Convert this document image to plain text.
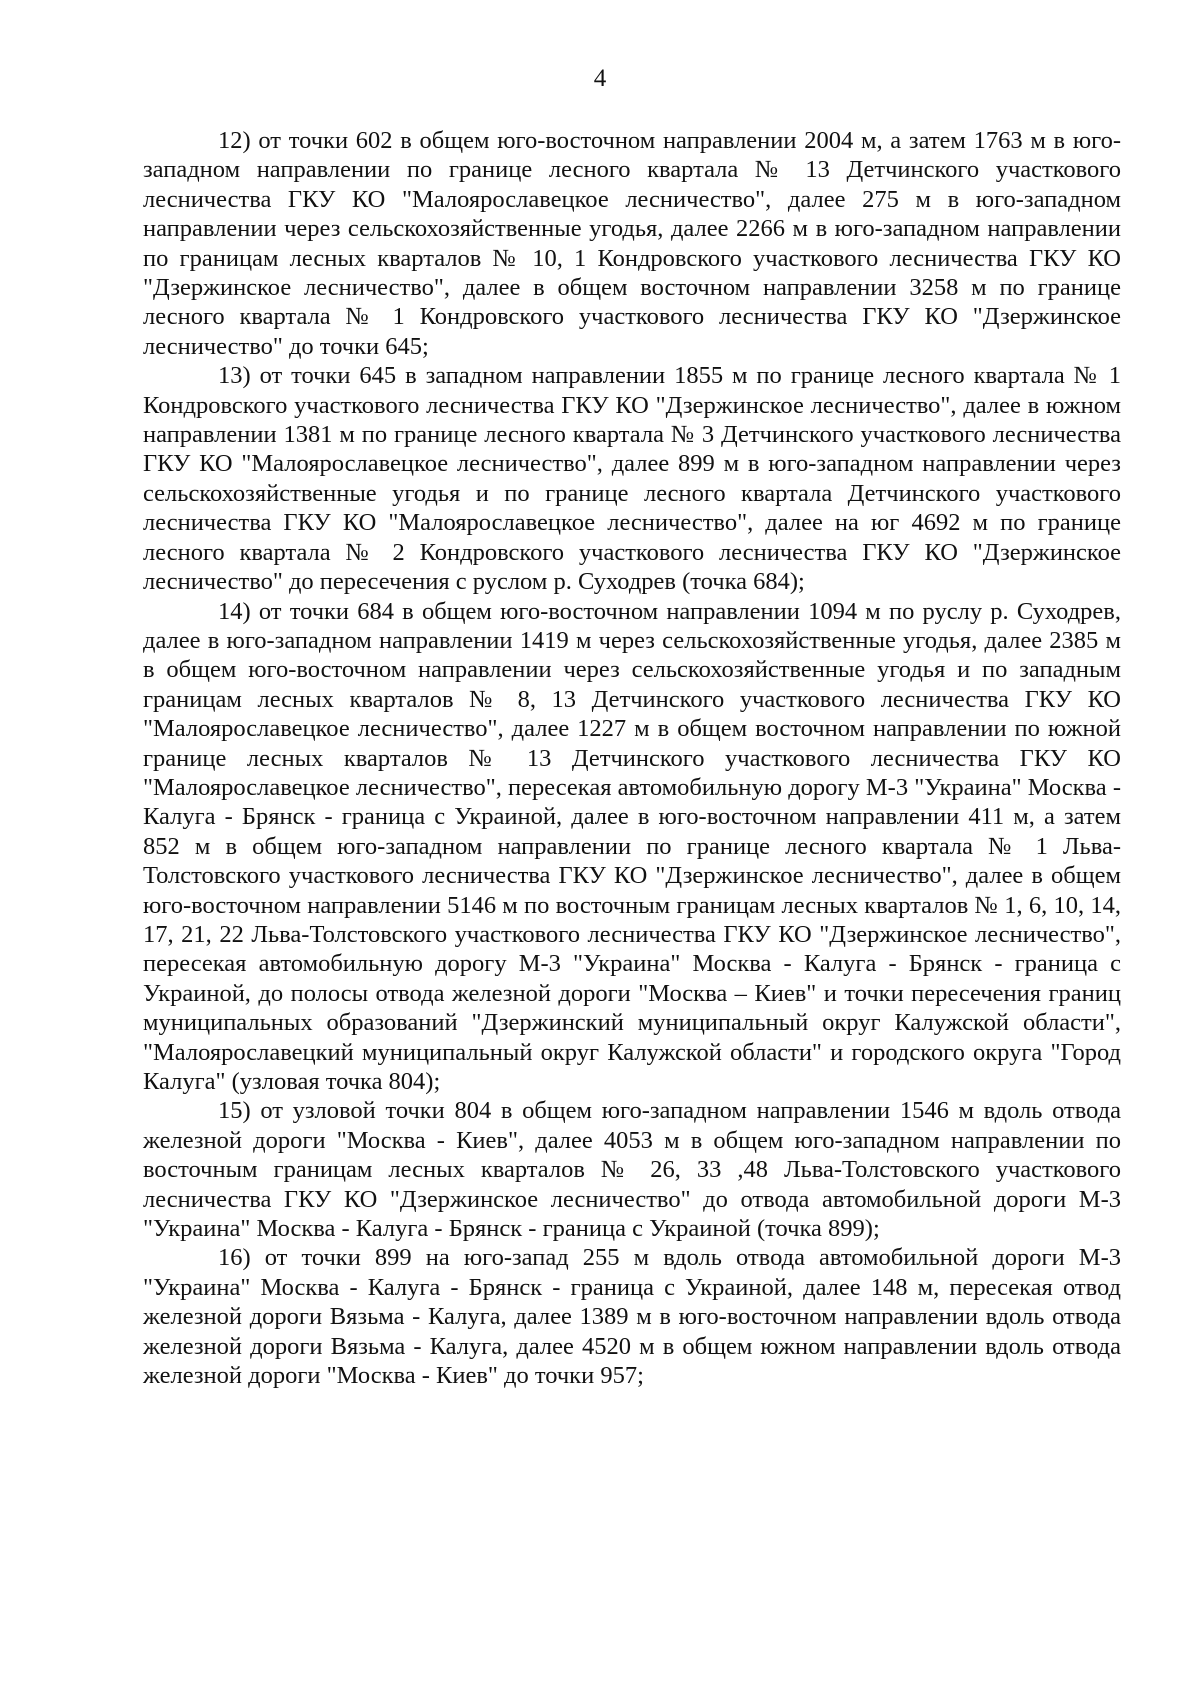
4

12) от точки 602 в общем юго-восточном направлении 2004 м, а затем 1763 м в юго-западном направлении по границе лесного квартала № 13 Детчинского участкового лесничества ГКУ КО "Малоярославецкое лесничество", далее 275 м в юго-западном направлении через сельскохозяйственные угодья, далее 2266 м в юго-западном направлении по границам лесных кварталов № 10, 1 Кондровского участкового лесничества ГКУ КО "Дзержинское лесничество", далее в общем восточном направлении 3258 м по границе лесного квартала № 1 Кондровского участкового лесничества ГКУ КО "Дзержинское лесничество" до точки 645;

13) от точки 645 в западном направлении 1855 м по границе лесного квартала № 1 Кондровского участкового лесничества ГКУ КО "Дзержинское лесничество", далее в южном направлении 1381 м по границе лесного квартала № 3 Детчинского участкового лесничества ГКУ КО "Малоярославецкое лесничество", далее 899 м в юго-западном направлении через сельскохозяйственные угодья и по границе лесного квартала Детчинского участкового лесничества ГКУ КО "Малоярославецкое лесничество", далее на юг 4692 м по границе лесного квартала № 2 Кондровского участкового лесничества ГКУ КО "Дзержинское лесничество" до пересечения с руслом р. Суходрев (точка 684);

14) от точки 684 в общем юго-восточном направлении 1094 м по руслу р. Суходрев, далее в юго-западном направлении 1419 м через сельскохозяйственные угодья, далее 2385 м в общем юго-восточном направлении через сельскохозяйственные угодья и по западным границам лесных кварталов № 8, 13 Детчинского участкового лесничества ГКУ КО "Малоярославецкое лесничество", далее 1227 м в общем восточном направлении по южной границе лесных кварталов № 13 Детчинского участкового лесничества ГКУ КО "Малоярославецкое лесничество", пересекая автомобильную дорогу М-3 "Украина" Москва - Калуга - Брянск - граница с Украиной, далее в юго-восточном направлении 411 м, а затем 852 м в общем юго-западном направлении по границе лесного квартала № 1 Льва-Толстовского участкового лесничества ГКУ КО "Дзержинское лесничество", далее в общем юго-восточном направлении 5146 м по восточным границам лесных кварталов № 1, 6, 10, 14, 17, 21, 22 Льва-Толстовского участкового лесничества ГКУ КО "Дзержинское лесничество", пересекая автомобильную дорогу М-3 "Украина" Москва - Калуга - Брянск - граница с Украиной, до полосы отвода железной дороги "Москва – Киев" и точки пересечения границ муниципальных образований "Дзержинский муниципальный округ Калужской области", "Малоярославецкий муниципальный округ Калужской области" и городского округа "Город Калуга" (узловая точка 804);

15) от узловой точки 804 в общем юго-западном направлении 1546 м вдоль отвода железной дороги "Москва - Киев", далее 4053 м в общем юго-западном направлении по восточным границам лесных кварталов № 26, 33 ,48 Льва-Толстовского участкового лесничества ГКУ КО "Дзержинское лесничество" до отвода автомобильной дороги М-3 "Украина" Москва - Калуга - Брянск - граница с Украиной (точка 899);

16) от точки 899 на юго-запад 255 м вдоль отвода автомобильной дороги М-3 "Украина" Москва - Калуга - Брянск - граница с Украиной, далее 148 м, пересекая отвод железной дороги Вязьма - Калуга, далее 1389 м в юго-восточном направлении вдоль отвода железной дороги Вязьма - Калуга, далее 4520 м в общем южном направлении вдоль отвода железной дороги "Москва - Киев" до точки 957;
